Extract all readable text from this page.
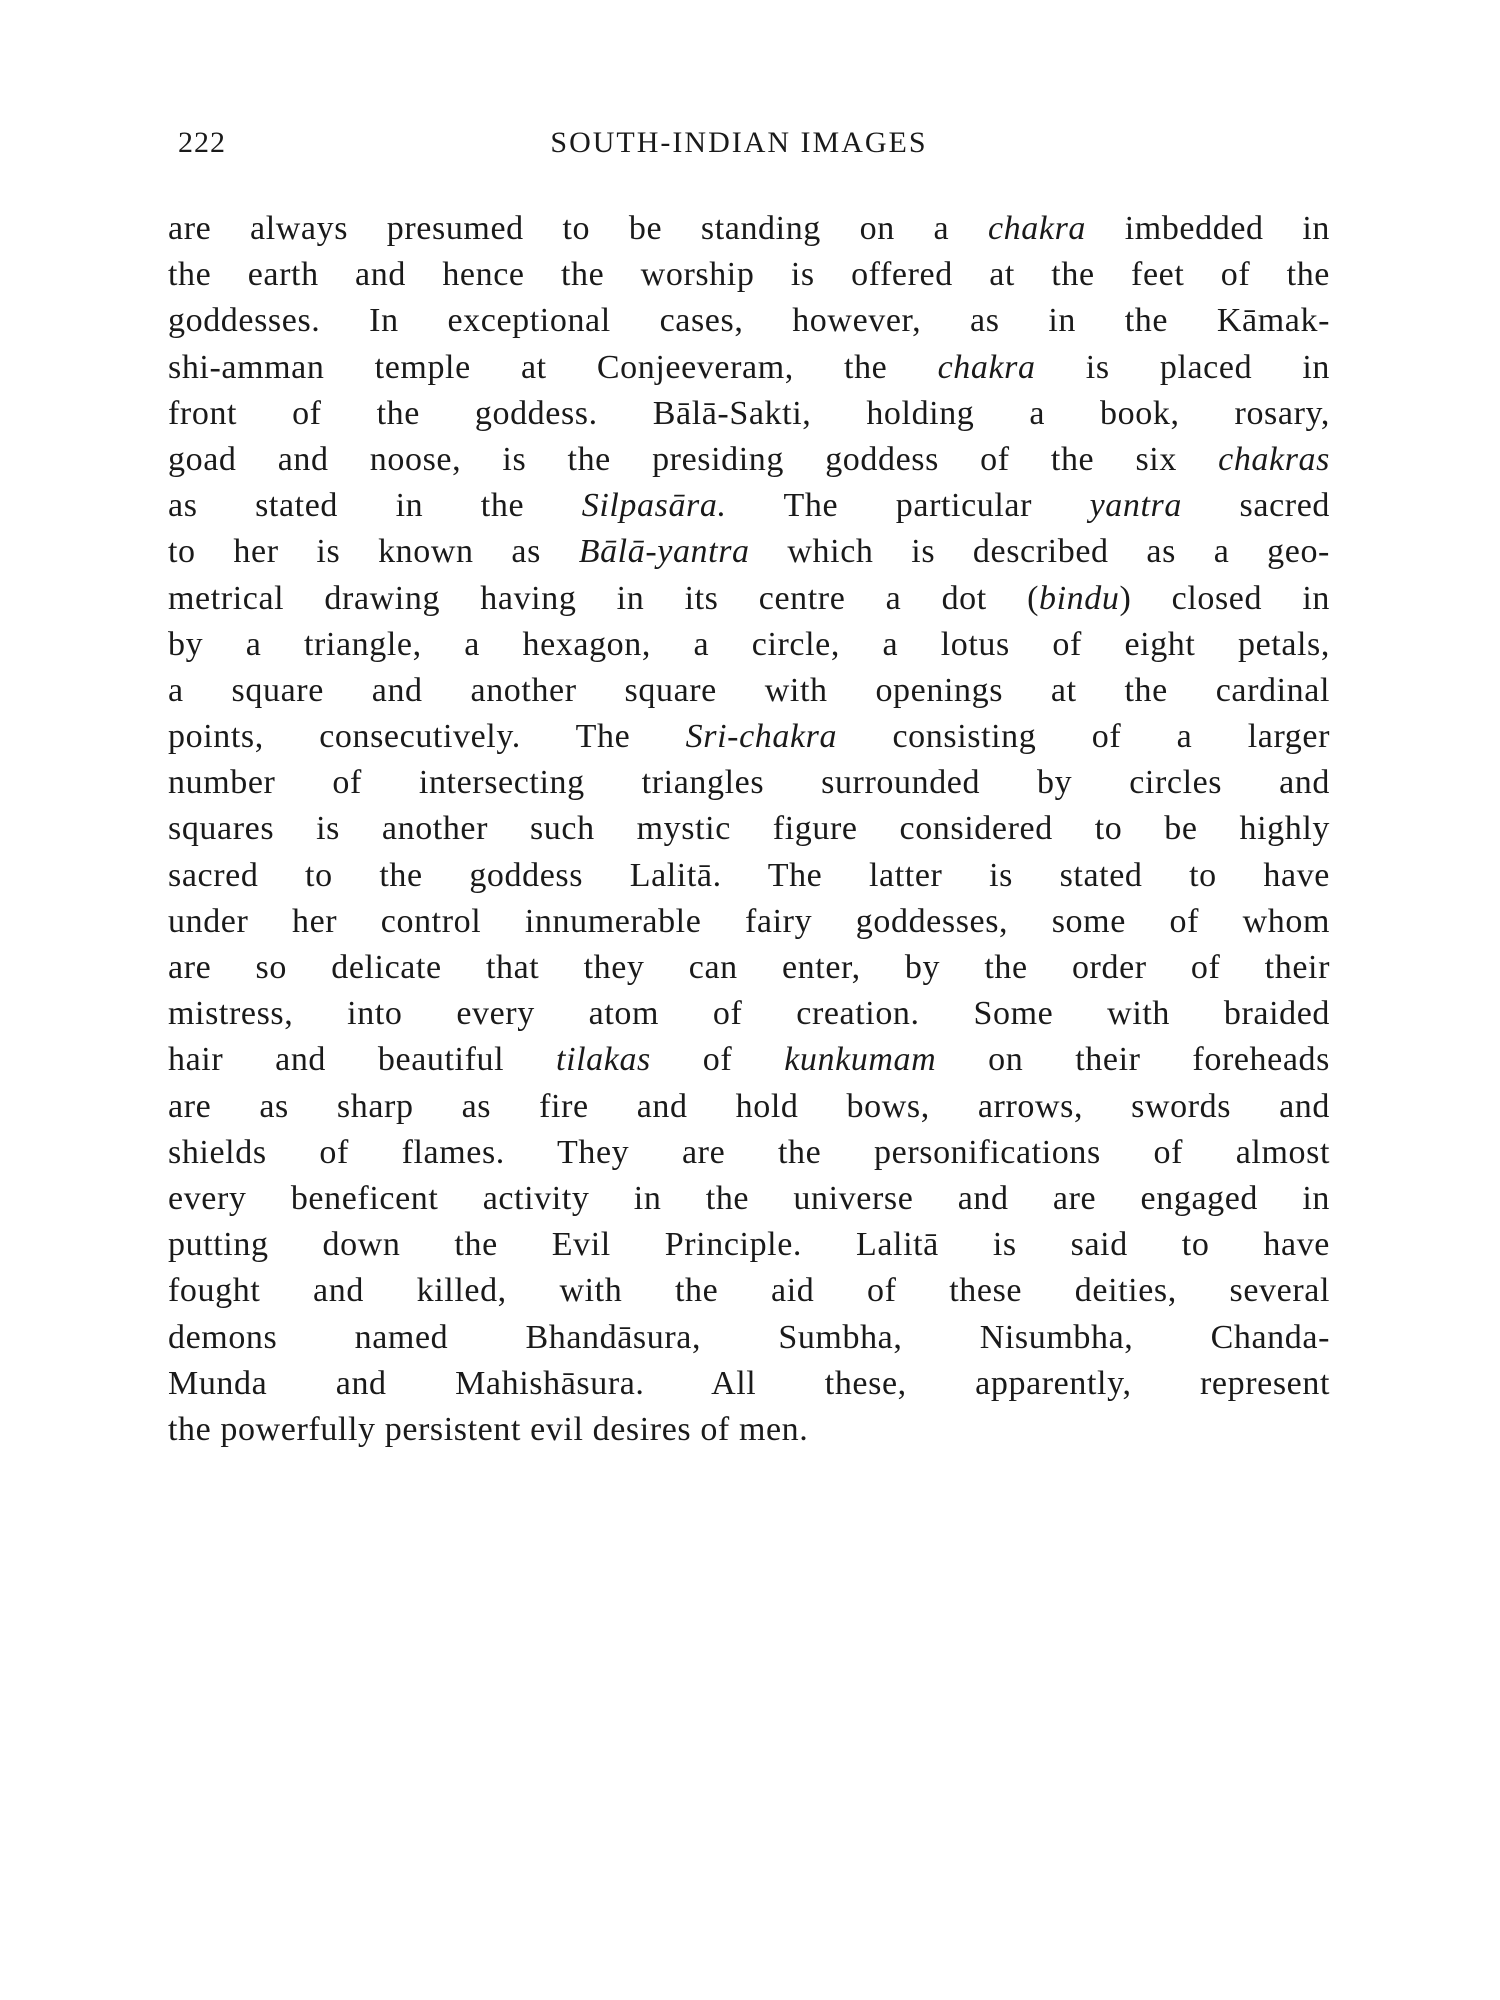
222	SOUTH-INDIAN IMAGES
are always presumed to be standing on a chakra imbedded in
the earth and hence the worship is offered at the feet of the
goddesses. In exceptional cases, however, as in the Kāmak-
shi-amman temple at Conjeeveram, the chakra is placed in
front of the goddess. Bālā-Sakti, holding a book, rosary,
goad and noose, is the presiding goddess of the six chakras
as stated in the Silpasāra. The particular yantra sacred
to her is known as Bālā-yantra which is described as a geo-
metrical drawing having in its centre a dot (bindu) closed in
by a triangle, a hexagon, a circle, a lotus of eight petals,
a square and another square with openings at the cardinal
points, consecutively. The Sri-chakra consisting of a larger
number of intersecting triangles surrounded by circles and
squares is another such mystic figure considered to be highly
sacred to the goddess Lalitā. The latter is stated to have
under her control innumerable fairy goddesses, some of whom
are so delicate that they can enter, by the order of their
mistress, into every atom of creation. Some with braided
hair and beautiful tilakas of kunkumam on their foreheads
are as sharp as fire and hold bows, arrows, swords and
shields of flames. They are the personifications of almost
every beneficent activity in the universe and are engaged in
putting down the Evil Principle. Lalitā is said to have
fought and killed, with the aid of these deities, several
demons named Bhandāsura, Sumbha, Nisumbha, Chanda-
Munda and Mahishāsura. All these, apparently, represent
the powerfully persistent evil desires of men.
